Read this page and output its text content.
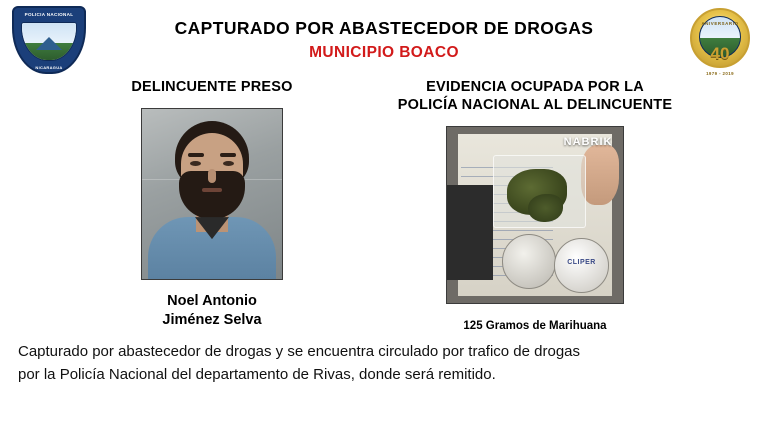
POLICIA NACIONAL
NICARAGUA
CAPTURADO POR ABASTECEDOR DE DROGAS
MUNICIPIO BOACO
ANIVERSARIO
40
1979 - 2019
DELINCUENTE PRESO
Noel Antonio
Jiménez Selva
EVIDENCIA OCUPADA POR LA
POLICÍA NACIONAL AL DELINCUENTE
NABRIK
CLIPER
125 Gramos de Marihuana
Capturado por abastecedor de drogas y se encuentra circulado por trafico de drogas
por la Policía Nacional del departamento de Rivas, donde será remitido.
